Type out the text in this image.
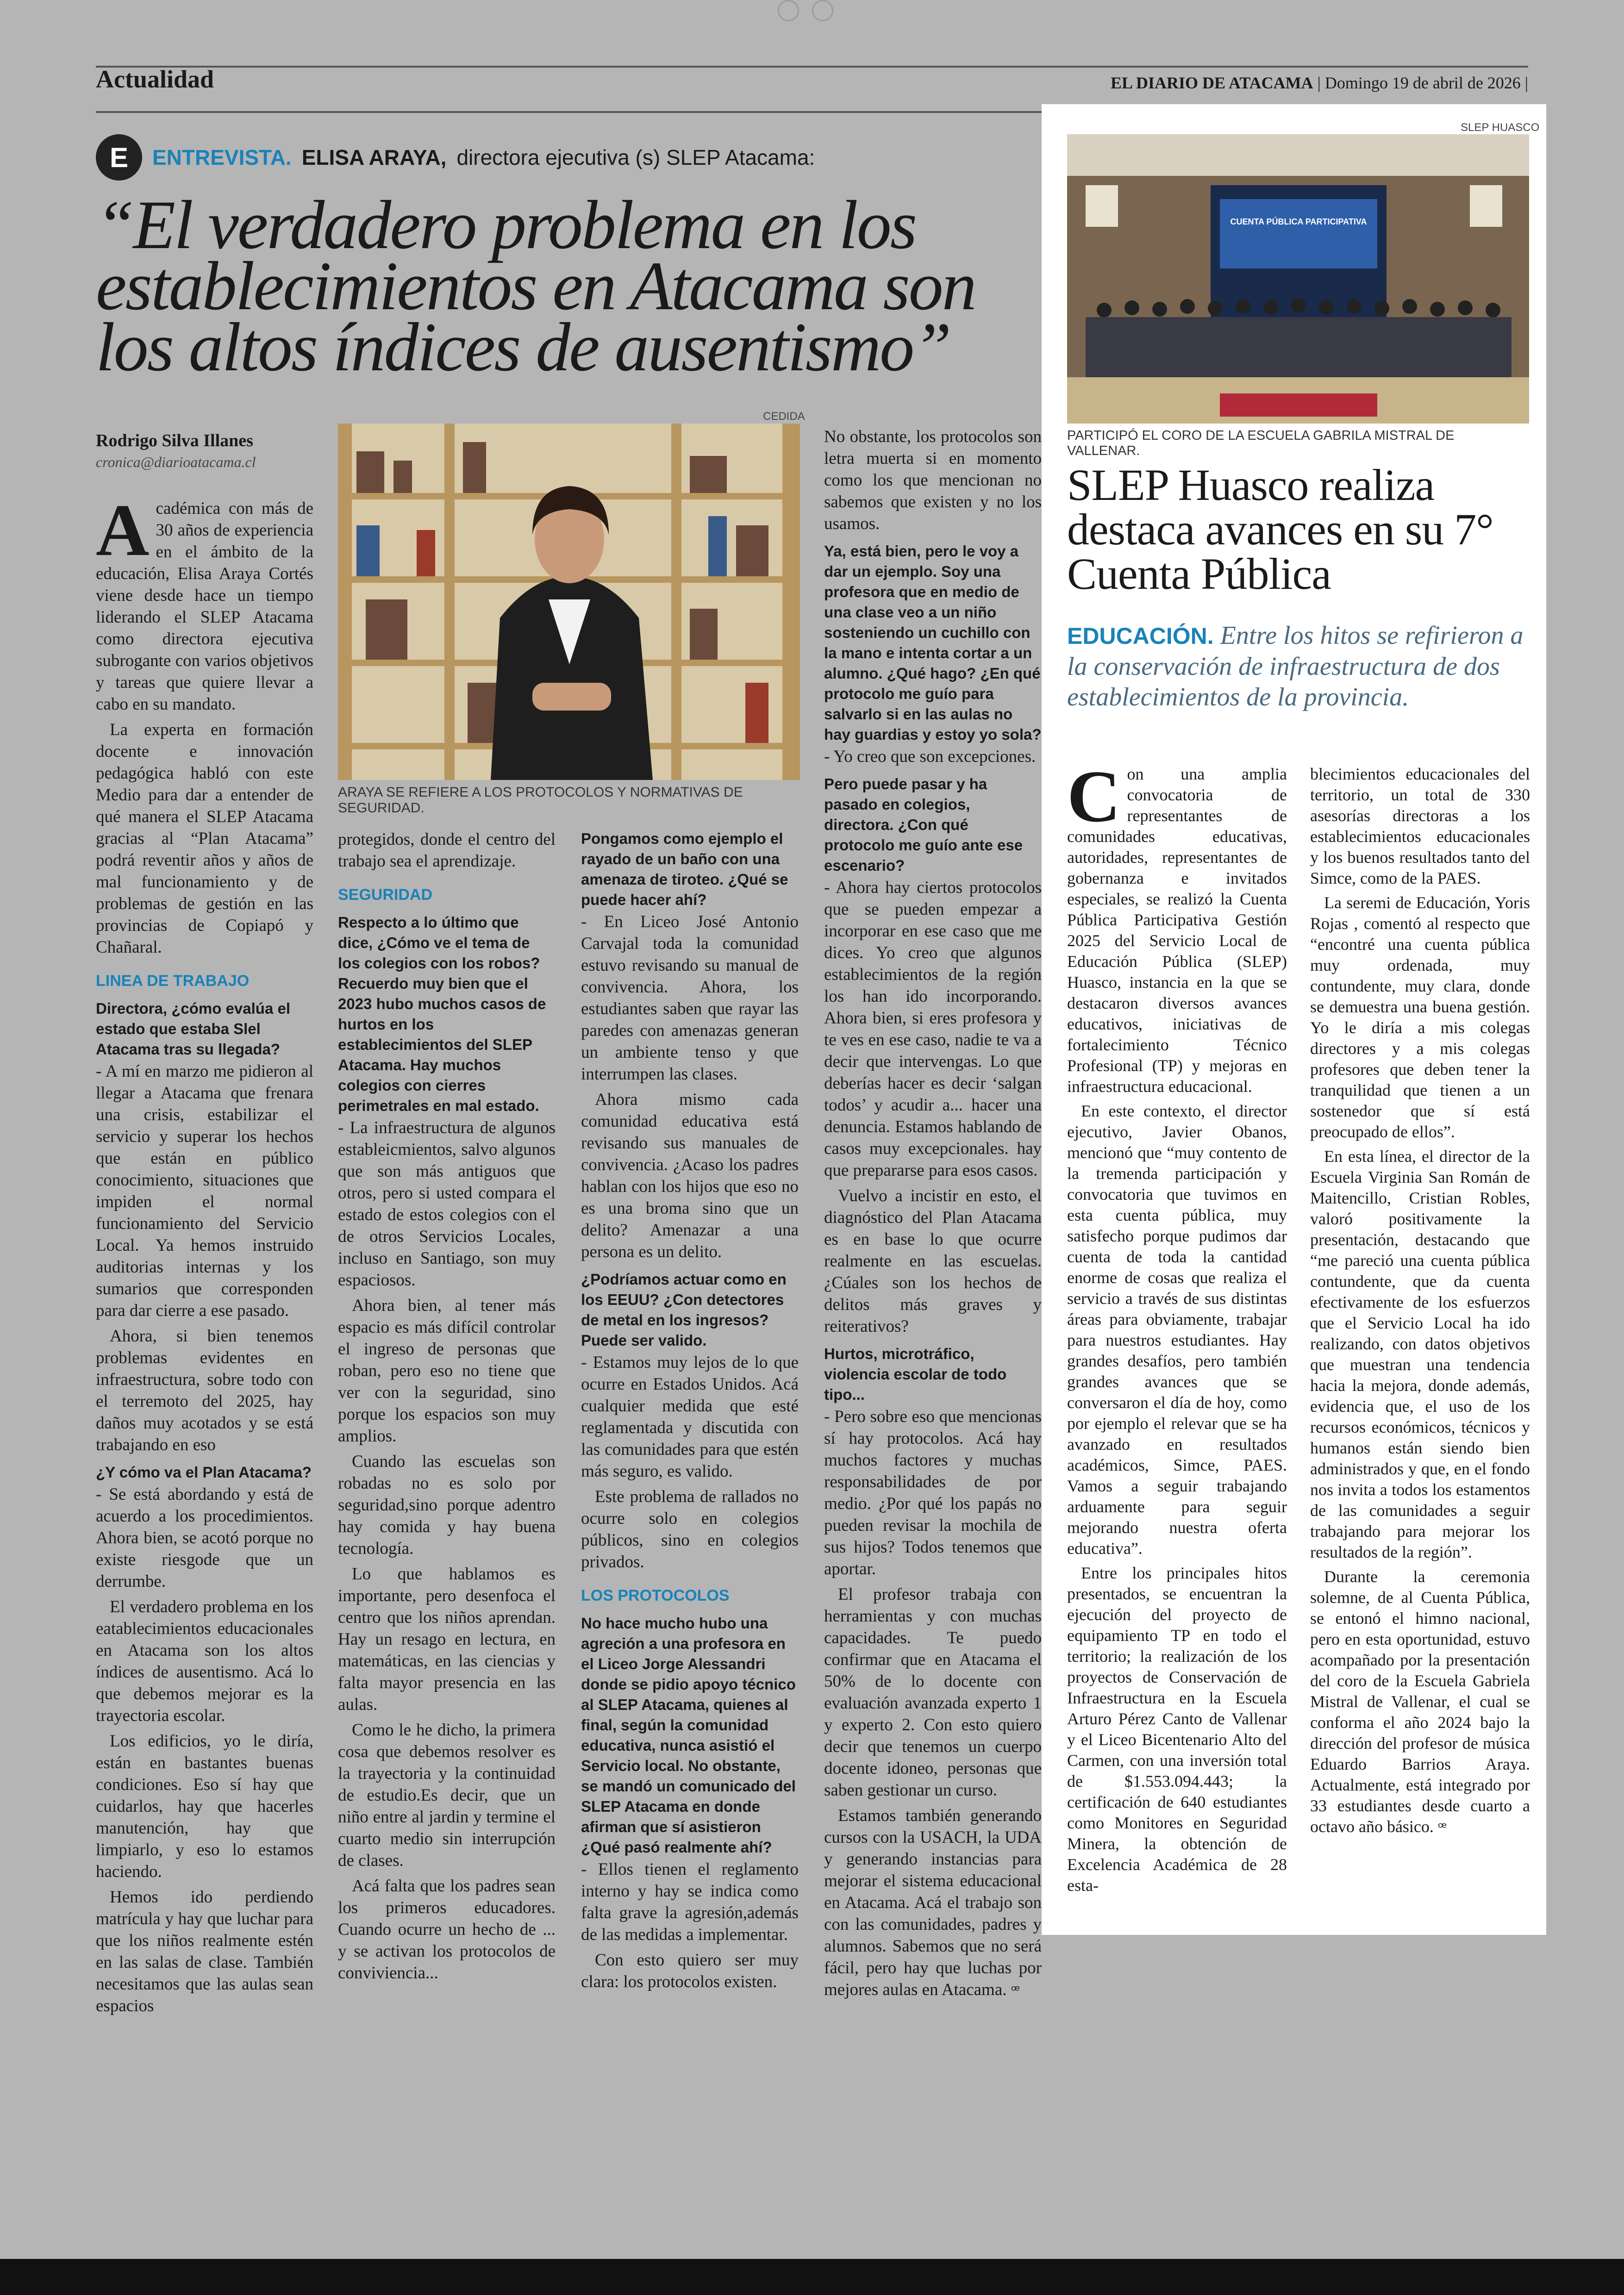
Actualidad	EL DIARIO DE ATACAMA | Domingo 19 de abril de 2026 |
E	ENTREVISTA. ELISA ARAYA, directora ejecutiva (s) SLEP Atacama:
“El verdadero problema en los establecimientos en Atacama son los altos índices de ausentismo”
Rodrigo Silva Illanes
cronica@diarioatacama.cl
A cadémica con más de 30 años de experiencia en el ámbito de la educación, Elisa Araya Cortés viene desde hace un tiempo liderando el SLEP Atacama como directora ejecutiva subrogante con varios objetivos y tareas que quiere llevar a cabo en su mandato.

La experta en formación docente e innovación pedagógica habló con este Medio para dar a entender de qué manera el SLEP Atacama gracias al “Plan Atacama” podrá reventir años y años de mal funcionamiento y de problemas de gestión en las provincias de Copiapó y Chañaral.

LINEA DE TRABAJO
Directora, ¿cómo evalúa el estado que estaba Slel Atacama tras su llegada?

- A mí en marzo me pidieron al llegar a Atacama que frenara una crisis, estabilizar el servicio y superar los hechos que están en público conocimiento, situaciones que impiden el normal funcionamiento del Servicio Local. Ya hemos instruido auditorias internas y los sumarios que corresponden para dar cierre a ese pasado.

Ahora, si bien tenemos problemas evidentes en infraestructura, sobre todo con el terremoto del 2025, hay daños muy acotados y se está trabajando en eso

¿Y cómo va el Plan Atacama?

- Se está abordando y está de acuerdo a los procedimientos. Ahora bien, se acotó porque no existe riesgode que un derrumbe.

El verdadero problema en los eatablecimientos educacionales en Atacama son los altos índices de ausentismo. Acá lo que debemos mejorar es la trayectoria escolar.

Los edificios, yo le diría, están en bastantes buenas condiciones. Eso sí hay que cuidarlos, hay que hacerles manutención, hay que limpiarlo, y eso lo estamos haciendo.

Hemos ido perdiendo matrícula y hay que luchar para que los niños realmente estén en las salas de clase. También necesitamos que las aulas sean espacios

CEDIDA
ARAYA SE REFIERE A LOS PROTOCOLOS Y NORMATIVAS DE SEGURIDAD.

protegidos, donde el centro del trabajo sea el aprendizaje.

SEGURIDAD
Respecto a lo último que dice, ¿Cómo ve el tema de los colegios con los robos? Recuerdo muy bien que el 2023 hubo muchos casos de hurtos en los establecimientos del SLEP Atacama. Hay muchos colegios con cierres perimetrales en mal estado.

- La infraestructura de algunos estableicmientos, salvo algunos que son más antiguos que otros, pero si usted compara el estado de estos colegios con el de otros Servicios Locales, incluso en Santiago, son muy espaciosos.

Ahora bien, al tener más espacio es más difícil controlar el ingreso de personas que roban, pero eso no tiene que ver con la seguridad, sino porque los espacios son muy amplios.

Cuando las escuelas son robadas no es solo por seguridad,sino porque adentro hay comida y hay buena tecnología.

Lo que hablamos es importante, pero desenfoca el centro que los niños aprendan. Hay un resago en lectura, en matemáticas, en las ciencias y falta mayor presencia en las aulas.

Como le he dicho, la primera cosa que debemos resolver es la trayectoria y la continuidad de estudio.Es decir, que un niño entre al jardin y termine el cuarto medio sin interrupción de clases.

Acá falta que los padres sean los primeros educadores. Cuando ocurre un hecho de ... y se activan los protocolos de conviviencia...

Pongamos como ejemplo el rayado de un baño con una amenaza de tiroteo. ¿Qué se puede hacer ahí?

- En Liceo José Antonio Carvajal toda la comunidad estuvo revisando su manual de convivencia. Ahora, los estudiantes saben que rayar las paredes con amenazas generan un ambiente tenso y que interrumpen las clases.

Ahora mismo cada comunidad educativa está revisando sus manuales de convivencia. ¿Acaso los padres hablan con los hijos que eso no es una broma sino que un delito? Amenazar a una persona es un delito.

¿Podríamos actuar como en los EEUU? ¿Con detectores de metal en los ingresos? Puede ser valido.

- Estamos muy lejos de lo que ocurre en Estados Unidos. Acá cualquier medida que esté reglamentada y discutida con las comunidades para que estén más seguro, es valido.

Este problema de rallados no ocurre solo en colegios públicos, sino en colegios privados.

LOS PROTOCOLOS
No hace mucho hubo una agreción a una profesora en el Liceo Jorge Alessandri donde se pidio apoyo técnico al SLEP Atacama, quienes al final, según la comunidad educativa, nunca asistió el Servicio local. No obstante, se mandó un comunicado del SLEP Atacama en donde afirman que sí asistieron ¿Qué pasó realmente ahí?

- Ellos tienen el reglamento interno y hay se indica como falta grave la agresión,además de las medidas a implementar.

Con esto quiero ser muy clara: los protocolos existen.

No obstante, los protocolos son letra muerta si en momento como los que mencionan no sabemos que existen y no los usamos.

Ya, está bien, pero le voy a dar un ejemplo. Soy una profesora que en medio de una clase veo a un niño sosteniendo un cuchillo con la mano e intenta cortar a un alumno. ¿Qué hago? ¿En qué protocolo me guío para salvarlo si en las aulas no hay guardias y estoy yo sola?

- Yo creo que son excepciones.

Pero puede pasar y ha pasado en colegios, directora. ¿Con qué protocolo me guío ante ese escenario?

- Ahora hay ciertos protocolos que se pueden empezar a incorporar en ese caso que me dices. Yo creo que algunos establecimientos de la región los han ido incorporando. Ahora bien, si eres profesora y te ves en ese caso, nadie te va a decir que intervengas. Lo que deberías hacer es decir ‘salgan todos’ y acudir a... hacer una denuncia. Estamos hablando de casos muy excepcionales. hay que prepararse para esos casos.

Vuelvo a incistir en esto, el diagnóstico del Plan Atacama es en base lo que ocurre realmente en las escuelas. ¿Cúales son los hechos de delitos más graves y reiterativos?

Hurtos, microtráfico, violencia escolar de todo tipo...

- Pero sobre eso que mencionas sí hay protocolos. Acá hay muchos factores y muchas responsabilidades de por medio. ¿Por qué los papás no pueden revisar la mochila de sus hijos? Todos tenemos que aportar.

El profesor trabaja con herramientas y con muchas capacidades. Te puedo confirmar que en Atacama el 50% de lo docente con evaluación avanzada experto 1 y experto 2. Con esto quiero decir que tenemos un cuerpo docente idoneo, personas que saben gestionar un curso.

Estamos también generando cursos con la USACH, la UDA y generando instancias para mejorar el sistema educacional en Atacama. Acá el trabajo son con las comunidades, padres y alumnos. Sabemos que no será fácil, pero hay que luchas por mejores aulas en Atacama. ꟹ

SLEP HUASCO
CUENTA PÚBLICA PARTICIPATIVA
PARTICIPÓ EL CORO DE LA ESCUELA GABRILA MISTRAL DE VALLENAR.
SLEP Huasco realiza destaca avances en su 7° Cuenta Pública
EDUCACIÓN. Entre los hitos se refirieron a la conservación de infraestructura de dos establecimientos de la provincia.
C on una amplia convocatoria de representantes de comunidades educativas, autoridades, representantes de gobernanza e invitados especiales, se realizó la Cuenta Pública Participativa Gestión 2025 del Servicio Local de Educación Pública (SLEP) Huasco, instancia en la que se destacaron diversos avances educativos, iniciativas de fortalecimiento Técnico Profesional (TP) y mejoras en infraestructura educacional.

En este contexto, el director ejecutivo, Javier Obanos, mencionó que “muy contento de la tremenda participación y convocatoria que tuvimos en esta cuenta pública, muy satisfecho porque pudimos dar cuenta de toda la cantidad enorme de cosas que realiza el servicio a través de sus distintas áreas para obviamente, trabajar para nuestros estudiantes. Hay grandes desafíos, pero también grandes avances que se conversaron el día de hoy, como por ejemplo el relevar que se ha avanzado en resultados académicos, Simce, PAES. Vamos a seguir trabajando arduamente para seguir mejorando nuestra oferta educativa”.

Entre los principales hitos presentados, se encuentran la ejecución del proyecto de equipamiento TP en todo el territorio; la realización de los proyectos de Conservación de Infraestructura en la Escuela Arturo Pérez Canto de Vallenar y el Liceo Bicentenario Alto del Carmen, con una inversión total de $1.553.094.443; la certificación de 640 estudiantes como Monitores en Seguridad Minera, la obtención de Excelencia Académica de 28 esta-

blecimientos educacionales del territorio, un total de 330 asesorías directoras a los establecimientos educacionales y los buenos resultados tanto del Simce, como de la PAES.

La seremi de Educación, Yoris Rojas , comentó al respecto que “encontré una cuenta pública muy ordenada, muy contundente, muy clara, donde se demuestra una buena gestión. Yo le diría a mis colegas directores y a mis colegas profesores que deben tener la tranquilidad que tienen a un sostenedor que sí está preocupado de ellos”.

En esta línea, el director de la Escuela Virginia San Román de Maitencillo, Cristian Robles, valoró positivamente la presentación, destacando que “me pareció una cuenta pública contundente, que da cuenta efectivamente de los esfuerzos que el Servicio Local ha ido realizando, con datos objetivos que muestran una tendencia hacia la mejora, donde además, evidencia que, el uso de los recursos económicos, técnicos y humanos están siendo bien administrados y que, en el fondo nos invita a todos los estamentos de las comunidades a seguir trabajando para mejorar los resultados de la región”.

Durante la ceremonia solemne, de al Cuenta Pública, se entonó el himno nacional, pero en esta oportunidad, estuvo acompañado por la presentación del coro de la Escuela Gabriela Mistral de Vallenar, el cual se conforma el año 2024 bajo la dirección del profesor de música Eduardo Barrios Araya. Actualmente, está integrado por 33 estudiantes desde cuarto a octavo año básico. ꟹ
